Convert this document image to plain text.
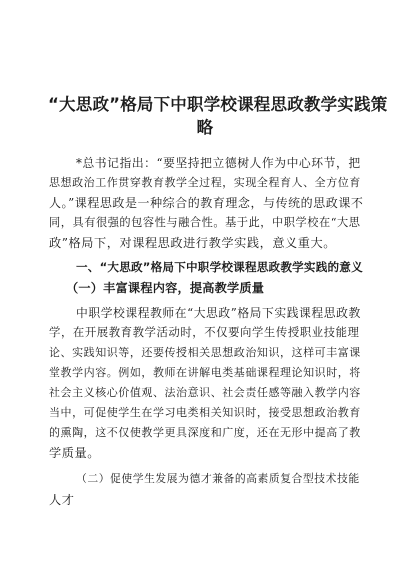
“大思政”格局下中职学校课程思政教学实践策
略

*总书记指出：“要坚持把立德树人作为中心环节，把

思想政治工作贯穿教育教学全过程，实现全程育人、全方位育

人。”课程思政是一种综合的教育理念，与传统的思政课不

同，具有很强的包容性与融合性。基于此，中职学校在“大思

政”格局下，对课程思政进行教学实践，意义重大。

一、“大思政”格局下中职学校课程思政教学实践的意义
（一）丰富课程内容，提高教学质量

中职学校课程教师在“大思政”格局下实践课程思政教

学，在开展教育教学活动时，不仅要向学生传授职业技能理

论、实践知识等，还要传授相关思想政治知识，这样可丰富课

堂教学内容。例如，教师在讲解电类基础课程理论知识时，将

社会主义核心价值观、法治意识、社会责任感等融入教学内容

当中，可促使学生在学习电类相关知识时，接受思想政治教育

的熏陶，这不仅使教学更具深度和广度，还在无形中提高了教

学质量。

（二）促使学生发展为德才兼备的高素质复合型技术技能

人才
